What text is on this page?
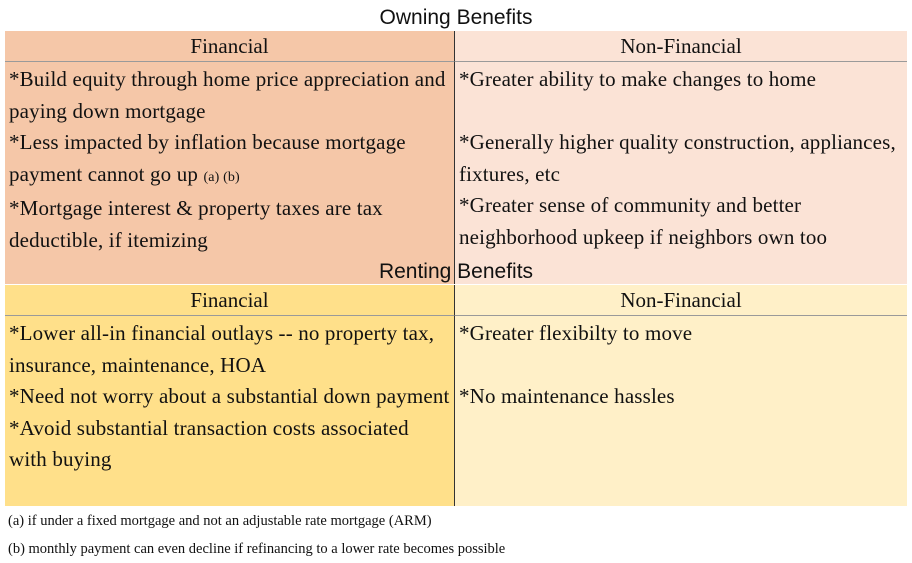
Owning Benefits
Financial	Non-Financial
*Build equity through home price appreciation and paying down mortgage
*Less impacted by inflation because mortgage payment cannot go up (a) (b)
*Mortgage interest & property taxes are tax deductible, if itemizing
*Greater ability to make changes to home
*Generally higher quality construction, appliances, fixtures, etc
*Greater sense of community and better neighborhood upkeep if neighbors own too
Renting Benefits
Financial	Non-Financial
*Lower all-in financial outlays -- no property tax, insurance, maintenance, HOA
*Need not worry about a substantial down payment
*Avoid substantial transaction costs associated with buying
*Greater flexibilty to move
*No maintenance hassles
(a) if under a fixed mortgage and not an adjustable rate mortgage (ARM)
(b) monthly payment can even decline if refinancing to a lower rate becomes possible
